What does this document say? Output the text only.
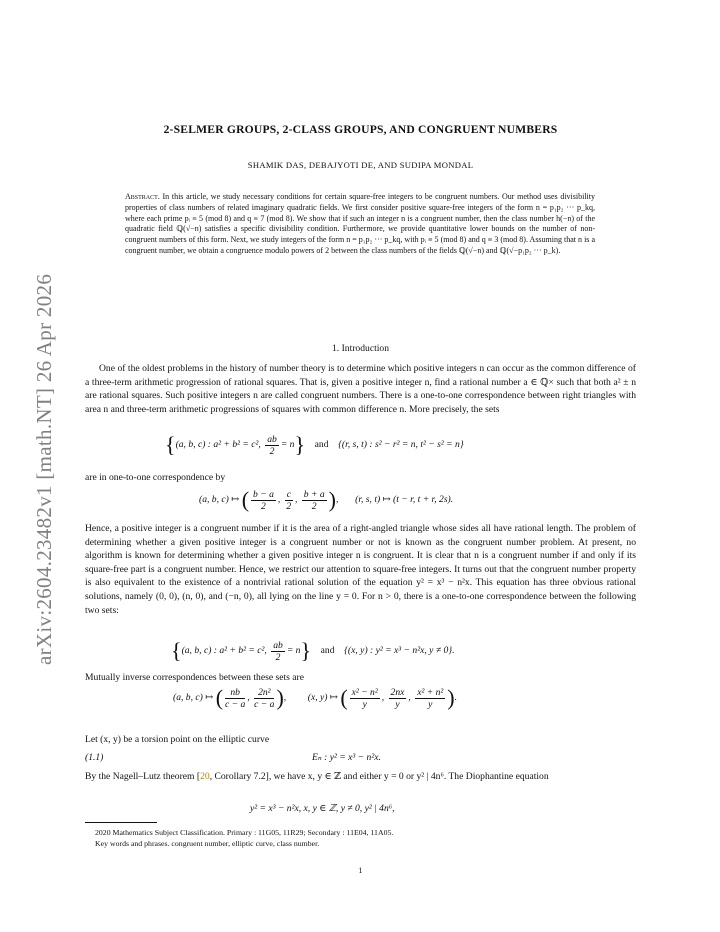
arXiv:2604.23482v1 [math.NT] 26 Apr 2026
2-SELMER GROUPS, 2-CLASS GROUPS, AND CONGRUENT NUMBERS
SHAMIK DAS, DEBAJYOTI DE, AND SUDIPA MONDAL
Abstract. In this article, we study necessary conditions for certain square-free integers to be congruent numbers. Our method uses divisibility properties of class numbers of related imaginary quadratic fields. We first consider positive square-free integers of the form n = p₁p₂ ··· p_kq, where each prime pᵢ ≡ 5 (mod 8) and q ≡ 7 (mod 8). We show that if such an integer n is a congruent number, then the class number h(−n) of the quadratic field ℚ(√−n) satisfies a specific divisibility condition. Furthermore, we provide quantitative lower bounds on the number of non-congruent numbers of this form. Next, we study integers of the form n = p₁p₂ ··· p_kq, with pᵢ ≡ 5 (mod 8) and q ≡ 3 (mod 8). Assuming that n is a congruent number, we obtain a congruence modulo powers of 2 between the class numbers of the fields ℚ(√−n) and ℚ(√−p₁p₂ ··· p_k).
1. Introduction
One of the oldest problems in the history of number theory is to determine which positive integers n can occur as the common difference of a three-term arithmetic progression of rational squares. That is, given a positive integer n, find a rational number a ∈ ℚ× such that both a² ± n are rational squares. Such positive integers n are called congruent numbers. There is a one-to-one correspondence between right triangles with area n and three-term arithmetic progressions of squares with common difference n. More precisely, the sets
{(a, b, c) : a² + b² = c², $\frac{ab}{2} = n$} and {(r, s, t) : s² − r² = n, t² − s² = n}
are in one-to-one correspondence by
(a, b, c) ↦ ( $\frac{b - a}{2}$ , $\frac{c}{2}$ , $\frac{b + a}{2}$ ),       (r, s, t) ↦ (t − r, t + r, 2s).
Hence, a positive integer is a congruent number if it is the area of a right-angled triangle whose sides all have rational length. The problem of determining whether a given positive integer is a congruent number or not is known as the congruent number problem. At present, no algorithm is known for determining whether a given positive integer n is congruent. It is clear that n is a congruent number if and only if its square-free part is a congruent number. Hence, we restrict our attention to square-free integers. It turns out that the congruent number property is also equivalent to the existence of a nontrivial rational solution of the equation y² = x³ − n²x. This equation has three obvious rational solutions, namely (0, 0), (n, 0), and (−n, 0), all lying on the line y = 0. For n > 0, there is a one-to-one correspondence between the following two sets:
{(a, b, c) : a² + b² = c², $\frac{ab}{2} = n$} and {(x, y) : y² = x³ − n²x, y ≠ 0}.
Mutually inverse correspondences between these sets are
(a, b, c) ↦ ( $\frac{nb}{c - a}$ , $\frac{\text{2n²}}{c - a}$ ),         (x, y) ↦ ( $\frac{\text{x² − n²}}{y}$ , $\frac{2nx}{y}$ , $\frac{\text{x² + n²}}{y}$ ).
Let (x, y) be a torsion point on the elliptic curve
(1.1)	Eₙ : y² = x³ − n²x.
By the Nagell–Lutz theorem [20, Corollary 7.2], we have x, y ∈ ℤ and either y = 0 or y² | 4n⁶. The Diophantine equation
y² = x³ − n²x, x, y ∈ ℤ, y ≠ 0, y² | 4n⁶,
2020 Mathematics Subject Classification. Primary : 11G05, 11R29; Secondary : 11E04, 11A05.
Key words and phrases. congruent number, elliptic curve, class number.
1
